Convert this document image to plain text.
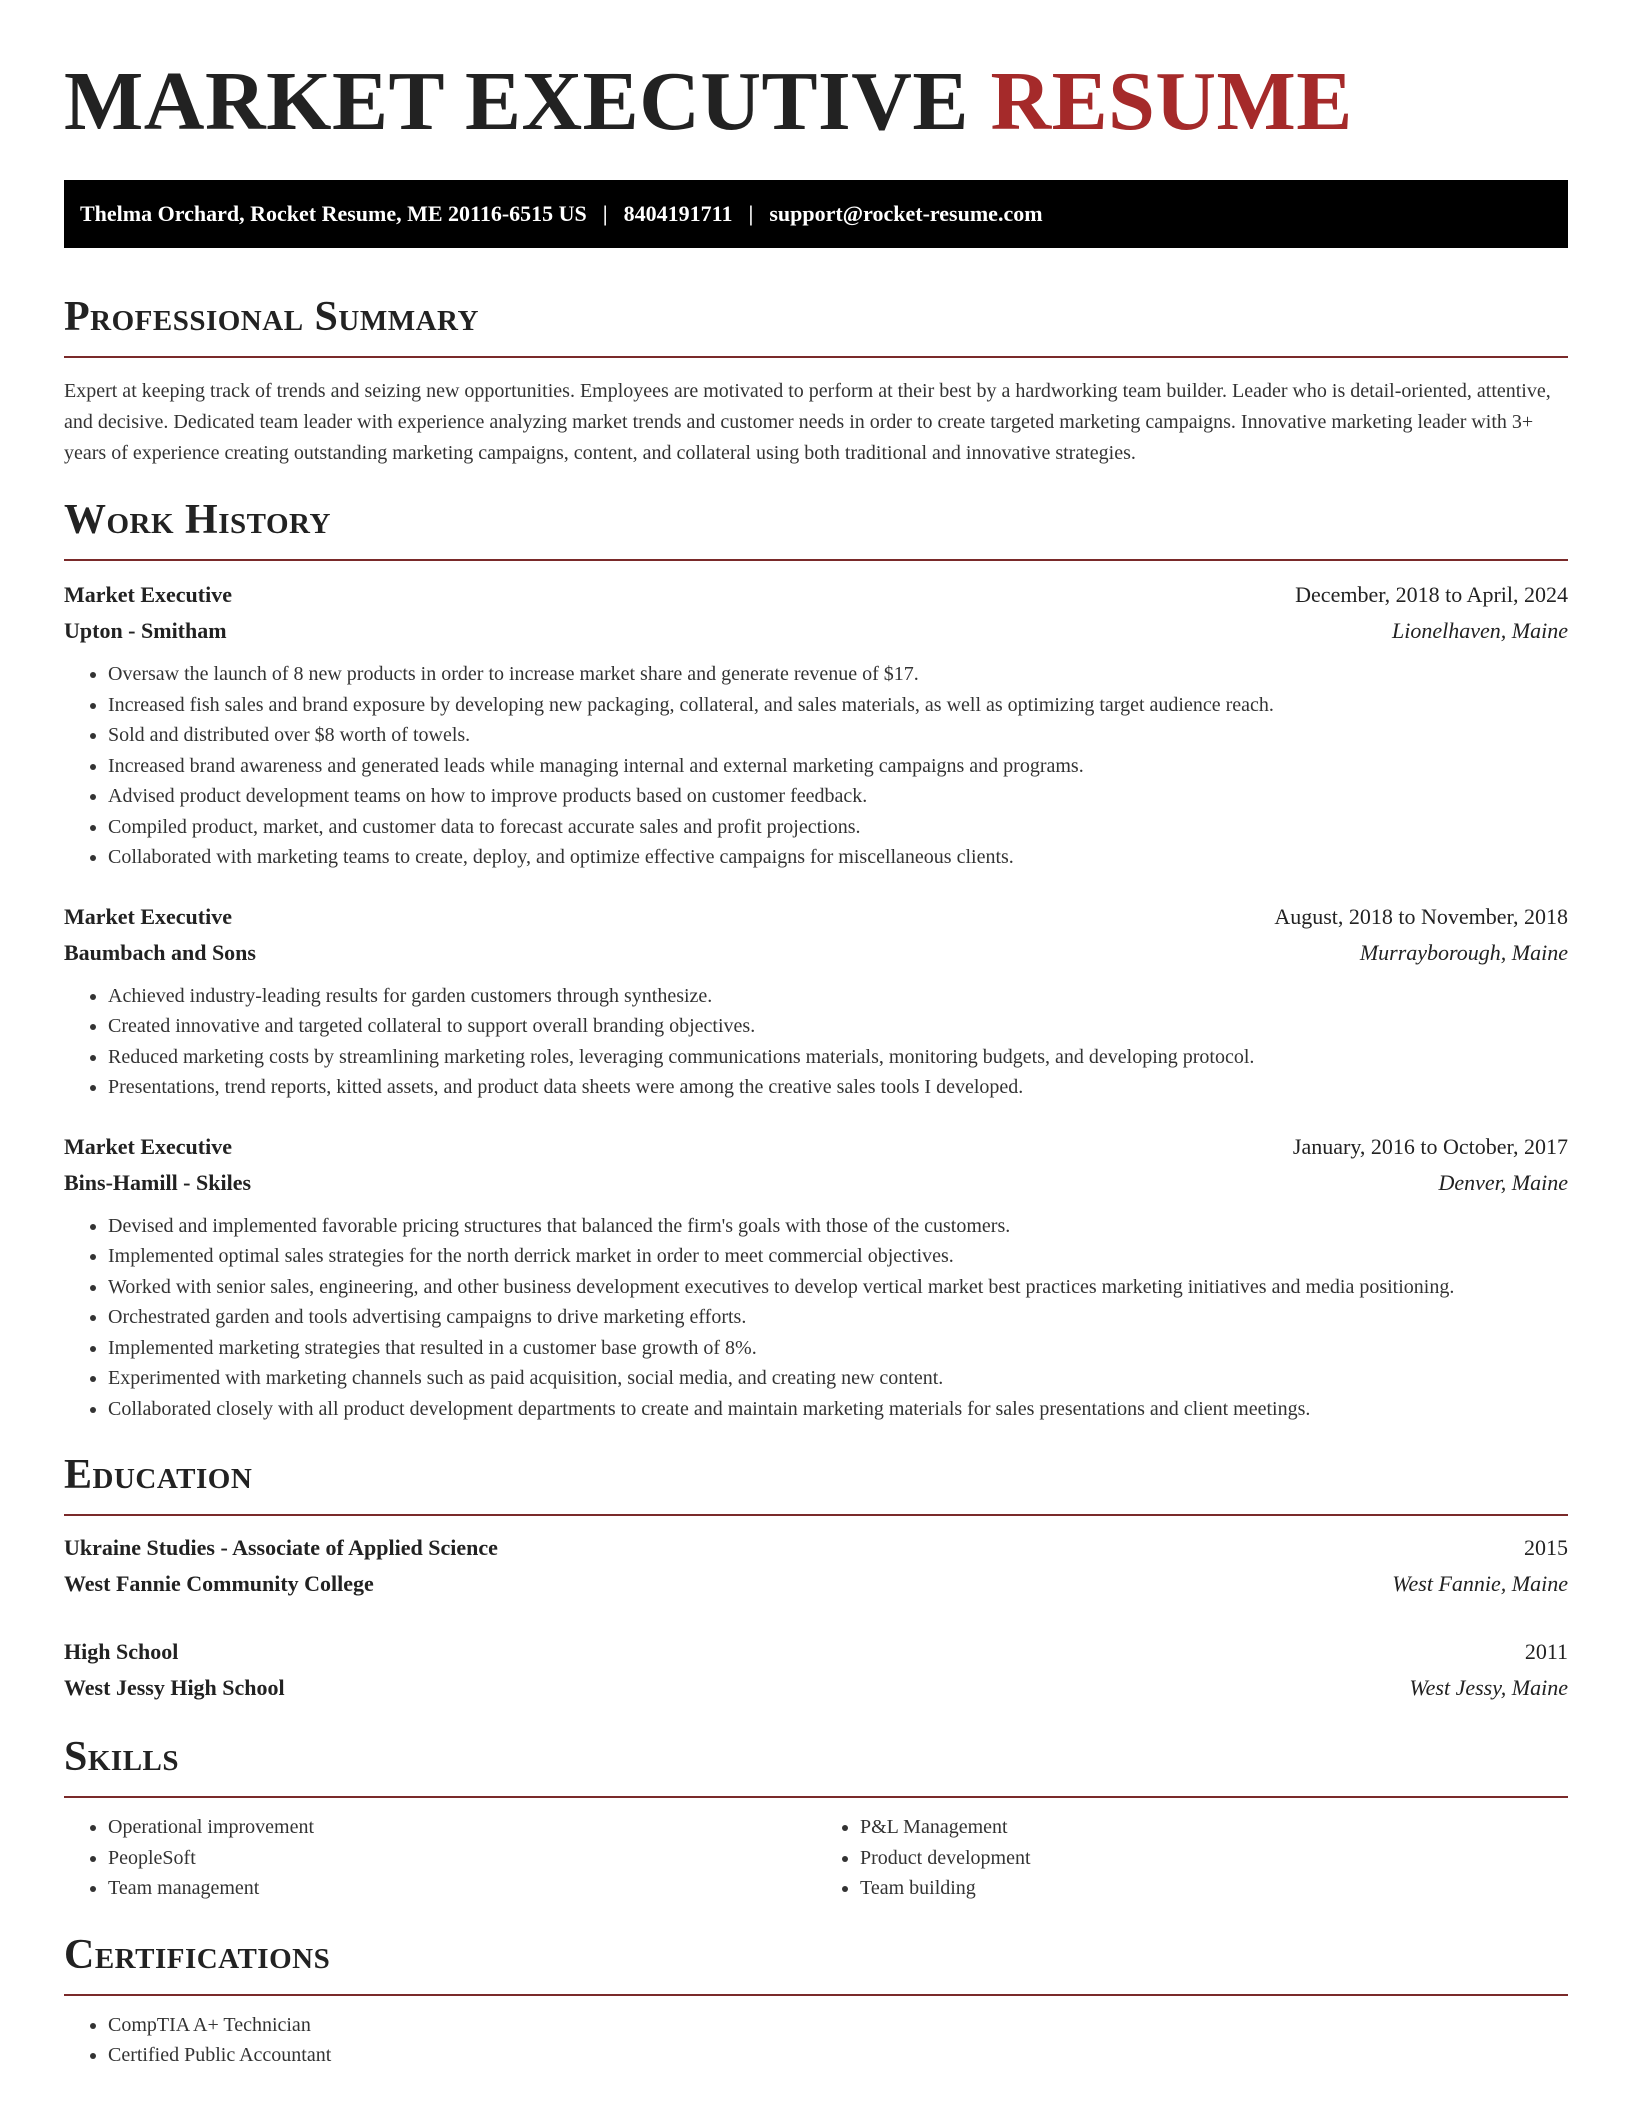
MARKET EXECUTIVE RESUME
Thelma Orchard, Rocket Resume, ME 20116-6515 US | 8404191711 | support@rocket-resume.com
Professional Summary

Expert at keeping track of trends and seizing new opportunities. Employees are motivated to perform at their best by a hardworking team builder. Leader who is detail-oriented, attentive, and decisive. Dedicated team leader with experience analyzing market trends and customer needs in order to create targeted marketing campaigns. Innovative marketing leader with 3+ years of experience creating outstanding marketing campaigns, content, and collateral using both traditional and innovative strategies.

Work History
Market Executive	December, 2018 to April, 2024
Upton - Smitham	Lionelhaven, Maine
• Oversaw the launch of 8 new products in order to increase market share and generate revenue of $17.
• Increased fish sales and brand exposure by developing new packaging, collateral, and sales materials, as well as optimizing target audience reach.
• Sold and distributed over $8 worth of towels.
• Increased brand awareness and generated leads while managing internal and external marketing campaigns and programs.
• Advised product development teams on how to improve products based on customer feedback.
• Compiled product, market, and customer data to forecast accurate sales and profit projections.
• Collaborated with marketing teams to create, deploy, and optimize effective campaigns for miscellaneous clients.
Market Executive	August, 2018 to November, 2018
Baumbach and Sons	Murrayborough, Maine
• Achieved industry-leading results for garden customers through synthesize.
• Created innovative and targeted collateral to support overall branding objectives.
• Reduced marketing costs by streamlining marketing roles, leveraging communications materials, monitoring budgets, and developing protocol.
• Presentations, trend reports, kitted assets, and product data sheets were among the creative sales tools I developed.
Market Executive	January, 2016 to October, 2017
Bins-Hamill - Skiles	Denver, Maine
• Devised and implemented favorable pricing structures that balanced the firm's goals with those of the customers.
• Implemented optimal sales strategies for the north derrick market in order to meet commercial objectives.
• Worked with senior sales, engineering, and other business development executives to develop vertical market best practices marketing initiatives and media positioning.
• Orchestrated garden and tools advertising campaigns to drive marketing efforts.
• Implemented marketing strategies that resulted in a customer base growth of 8%.
• Experimented with marketing channels such as paid acquisition, social media, and creating new content.
• Collaborated closely with all product development departments to create and maintain marketing materials for sales presentations and client meetings.
Education
Ukraine Studies - Associate of Applied Science	2015
West Fannie Community College	West Fannie, Maine
High School	2011
West Jessy High School	West Jessy, Maine
Skills
• Operational improvement
• PeopleSoft
• Team management
• P&L Management
• Product development
• Team building
Certifications
• CompTIA A+ Technician
• Certified Public Accountant
